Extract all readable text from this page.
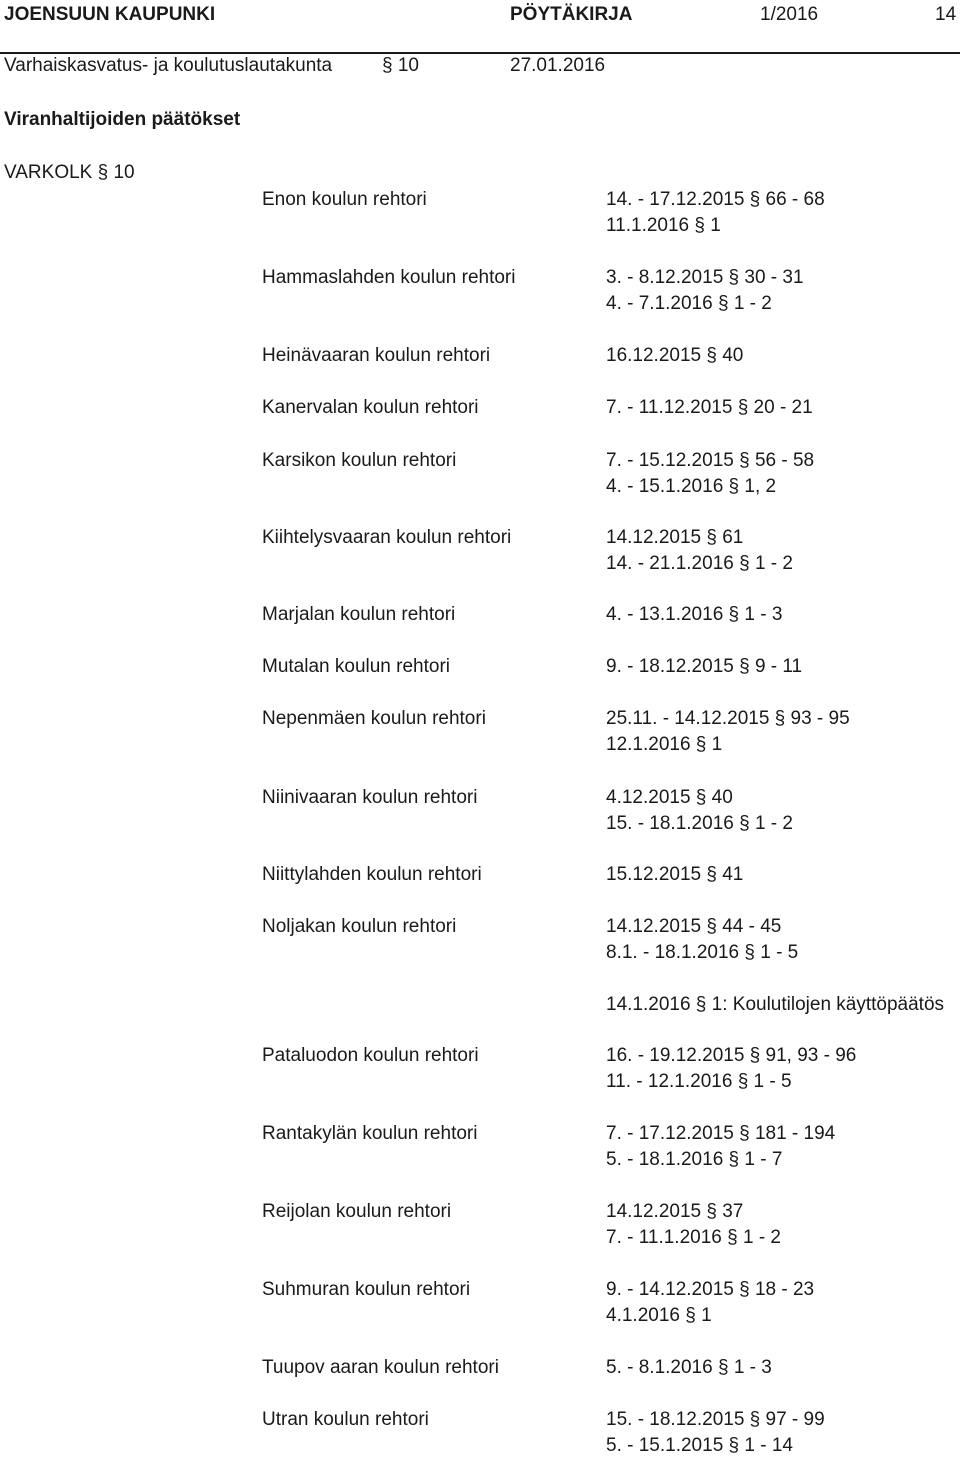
JOENSUUN KAUPUNKI	PÖYTÄKIRJA	1/2016	14
Varhaiskasvatus- ja koulutuslautakunta	§ 10	27.01.2016
Viranhaltijoiden päätökset
VARKOLK § 10
Enon koulun rehtori	14. - 17.12.2015 § 66 - 68
11.1.2016 § 1
Hammaslahden koulun rehtori	3. - 8.12.2015 § 30 - 31
4. - 7.1.2016 § 1 - 2
Heinävaaran koulun rehtori	16.12.2015 § 40
Kanervalan koulun rehtori	7. - 11.12.2015 § 20 - 21
Karsikon koulun rehtori	7. - 15.12.2015 § 56 - 58
4. - 15.1.2016 § 1, 2
Kiihtelysvaaran koulun rehtori	14.12.2015 § 61
14. - 21.1.2016 § 1 - 2
Marjalan koulun rehtori	4. - 13.1.2016 § 1 - 3
Mutalan koulun rehtori	9. - 18.12.2015 § 9 - 11
Nepenmäen koulun rehtori	25.11. - 14.12.2015 § 93 - 95
12.1.2016 § 1
Niinivaaran koulun rehtori	4.12.2015 § 40
15. - 18.1.2016 § 1 - 2
Niittylahden koulun rehtori	15.12.2015 § 41
Noljakan koulun rehtori	14.12.2015 § 44 - 45
8.1. - 18.1.2016 § 1 - 5
14.1.2016 § 1: Koulutilojen käyttöpäätös
Pataluodon koulun rehtori	16. - 19.12.2015 § 91, 93 - 96
11. - 12.1.2016 § 1 - 5
Rantakylän koulun rehtori	7. - 17.12.2015 § 181 - 194
5. - 18.1.2016 § 1 - 7
Reijolan koulun rehtori	14.12.2015 § 37
7. - 11.1.2016 § 1 - 2
Suhmuran koulun rehtori	9. - 14.12.2015 § 18 - 23
4.1.2016 § 1
Tuupov aaran koulun rehtori	5. - 8.1.2016 § 1 - 3
Utran koulun rehtori	15. - 18.12.2015 § 97 - 99
5. - 15.1.2015 § 1 - 14
